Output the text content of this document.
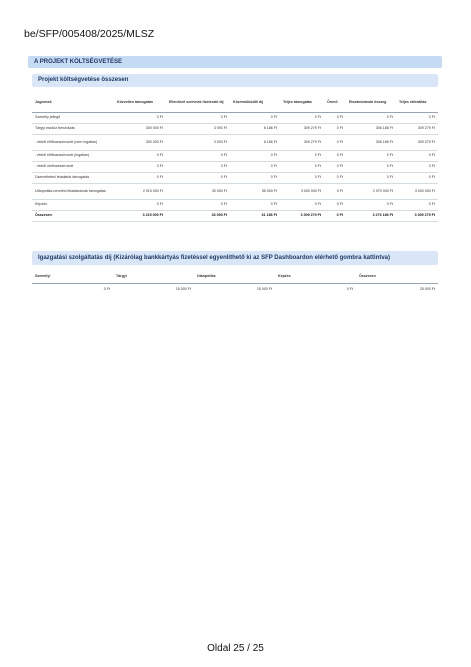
be/SFP/005408/2025/MLSZ
A PROJEKT KÖLTSÉGVETÉSE
Projekt költségvetése összesen
Jogcímek	Közvetlen támogatás	Ellenőrző szervnek fizetendő díj	Közreműködői díj	Teljes támogatás	Önerő	Elszámolandó összeg	Teljes ráfordítás
Személy jellegű	0 Ft	0 Ft	0 Ft	0 Ft	0 Ft	0 Ft	0 Ft
Tárgyi eszköz beruházás	300 000 Ft	3 093 Ft	6 186 Ft	309 279 Ft	0 Ft	306 186 Ft	309 279 Ft
- ebből előfinanszírozott (nem ingatlan)	300 000 Ft	3 093 Ft	6 186 Ft	309 279 Ft	0 Ft	306 186 Ft	309 279 Ft
- ebből előfinanszírozott (ingatlan)	0 Ft	0 Ft	0 Ft	0 Ft	0 Ft	0 Ft	0 Ft
- ebből utófinanszírozott	0 Ft	0 Ft	0 Ft	0 Ft	0 Ft	0 Ft	0 Ft
Üzemeltetési feladatok támogatás	0 Ft	0 Ft	0 Ft	0 Ft	0 Ft	0 Ft	0 Ft
Utánpótlás-nevelési feladatoknak támogatás	2 915 000 Ft	30 000 Ft	55 000 Ft	3 000 000 Ft	0 Ft	2 970 000 Ft	3 000 000 Ft
Képzés	0 Ft	0 Ft	0 Ft	0 Ft	0 Ft	0 Ft	0 Ft
Összesen	3 215 000 Ft	33 093 Ft	61 186 Ft	3 309 279 Ft	0 Ft	3 276 186 Ft	3 309 279 Ft
Igazgatási szolgáltatás díj (Kizárólag bankkártyás fizetéssel egyenlíthető ki az SFP Dashboardon elérhető gombra kattintva)
Személyi	Tárgyi	Utánpótlás	Képzés	Összesen
0 Ft	15 000 Ft	15 000 Ft	0 Ft	25 000 Ft
Oldal 25 / 25
